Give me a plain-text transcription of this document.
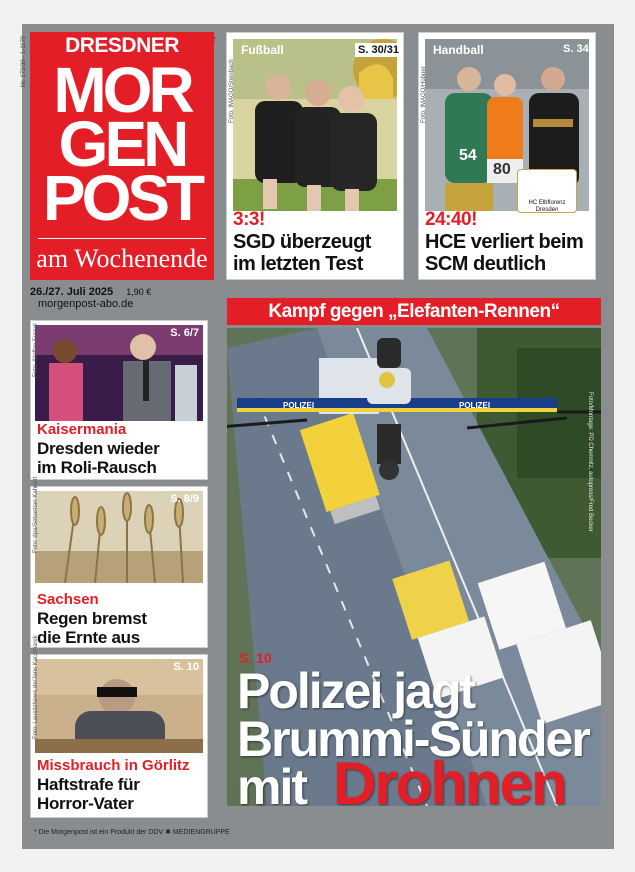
DRESDNER
MOR
GEN
POST
am Wochenende
*
Nr. 172/30 · 1-1170	Fußball	S. 30/31
3:3!
SGD überzeugt
im letzten Test
Foto: IMAGO/Steinbach
Handball	S. 34
54
80
HC Elbflorenz Dresden
24:40!
HCE verliert beim
SCM deutlich
Foto: IMAGO/Hübner
26./27. Juli 2025 1,90 € morgenpost-abo.de	Kampf gegen „Elefanten-Rennen“
S. 6/7
Foto: Steffen Füssel
Kaisermania
Dresden wieder
im Roli-Rausch
S. 8/9
Foto: dpa/Sebastian Kahnert
Sachsen
Regen bremst
die Ernte aus
S. 10
Foto: LausitzNews.de/Jens Kaczmarek
Missbrauch in Görlitz
Haftstrafe für
Horror-Vater
POLIZEI	POLIZEI
S. 10
Polizei jagt
Brummi-Sünder
mit Drohnen
Foto/Montage: PD Chemnitz, autopress/Fred Becker
* Die Morgenpost ist ein Produkt der DDV ✱ MEDIENGRUPPE
